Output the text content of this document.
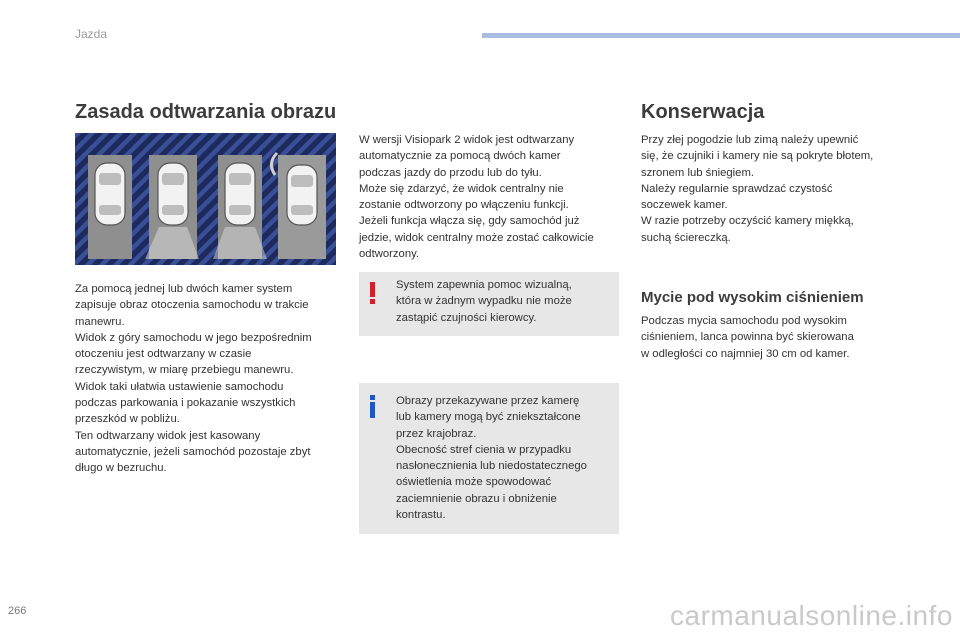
Jazda
Zasada odtwarzania obrazu

Za pomocą jednej lub dwóch kamer system
zapisuje obraz otoczenia samochodu w trakcie
manewru.
Widok z góry samochodu w jego bezpośrednim
otoczeniu jest odtwarzany w czasie
rzeczywistym, w miarę przebiegu manewru.
Widok taki ułatwia ustawienie samochodu
podczas parkowania i pokazanie wszystkich
przeszkód w pobliżu.
Ten odtwarzany widok jest kasowany
automatycznie, jeżeli samochód pozostaje zbyt
długo w bezruchu.

W wersji Visiopark 2 widok jest odtwarzany
automatycznie za pomocą dwóch kamer
podczas jazdy do przodu lub do tyłu.
Może się zdarzyć, że widok centralny nie
zostanie odtworzony po włączeniu funkcji.
Jeżeli funkcja włącza się, gdy samochód już
jedzie, widok centralny może zostać całkowicie
odtworzony.

System zapewnia pomoc wizualną,
która w żadnym wypadku nie może
zastąpić czujności kierowcy.

Obrazy przekazywane przez kamerę
lub kamery mogą być zniekształcone
przez krajobraz.
Obecność stref cienia w przypadku
nasłonecznienia lub niedostatecznego
oświetlenia może spowodować
zaciemnienie obrazu i obniżenie
kontrastu.

Konserwacja

Przy złej pogodzie lub zimą należy upewnić
się, że czujniki i kamery nie są pokryte błotem,
szronem lub śniegiem.
Należy regularnie sprawdzać czystość
soczewek kamer.
W razie potrzeby oczyścić kamery miękką,
suchą ściereczką.

Mycie pod wysokim ciśnieniem

Podczas mycia samochodu pod wysokim
ciśnieniem, lanca powinna być skierowana
w odległości co najmniej 30 cm od kamer.

266	carmanualsonline.info
